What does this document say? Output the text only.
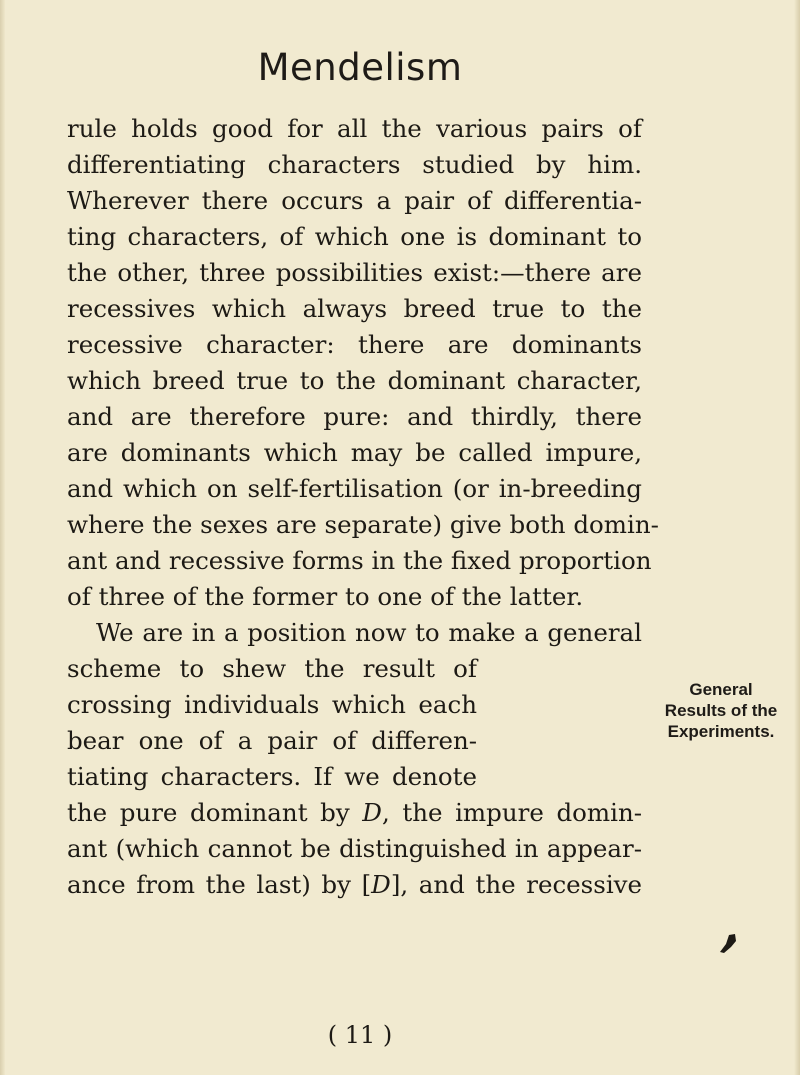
Mendelism
rule holds good for all the various pairs of
differentiating characters studied by him.
Wherever there occurs a pair of differentia-
ting characters, of which one is dominant to
the other, three possibilities exist:—there are
recessives which always breed true to the
recessive character: there are dominants
which breed true to the dominant character,
and are therefore pure: and thirdly, there
are dominants which may be called impure,
and which on self-fertilisation (or in-breeding
where the sexes are separate) give both domin-
ant and recessive forms in the fixed proportion
of three of the former to one of the latter.
We are in a position now to make a general
scheme to shew the result of
crossing individuals which each
bear one of a pair of differen-
tiating characters. If we denote
the pure dominant by D, the impure domin-
ant (which cannot be distinguished in appear-
ance from the last) by [D], and the recessive
General
Results of the
Experiments.
( 11 )
